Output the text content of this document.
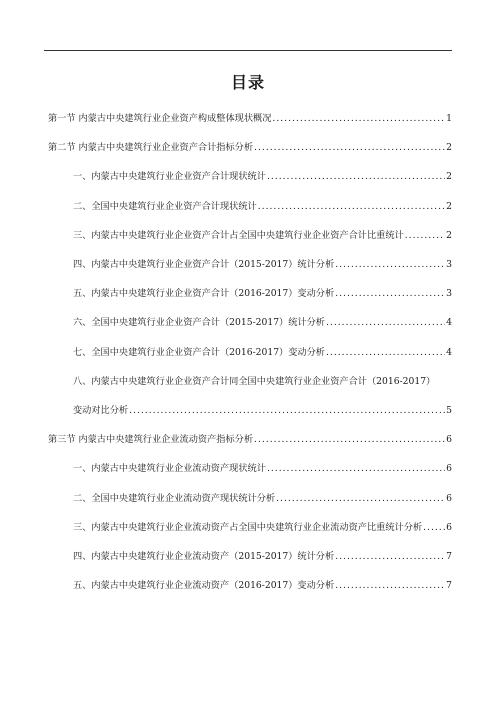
目录
第一节 内蒙古中央建筑行业企业资产构成整体现状概况 .....	1
第二节 内蒙古中央建筑行业企业资产合计指标分析 .....	2
一、内蒙古中央建筑行业企业资产合计现状统计 .....	2
二、全国中央建筑行业企业资产合计现状统计 .....	2
三、内蒙古中央建筑行业企业资产合计占全国中央建筑行业企业资产合计比重统计 .....	2
四、内蒙古中央建筑行业企业资产合计（2015-2017）统计分析 .....	3
五、内蒙古中央建筑行业企业资产合计（2016-2017）变动分析 .....	3
六、全国中央建筑行业企业资产合计（2015-2017）统计分析 .....	4
七、全国中央建筑行业企业资产合计（2016-2017）变动分析 .....	4
八、内蒙古中央建筑行业企业资产合计同全国中央建筑行业企业资产合计（2016-2017）
变动对比分析 .....	5
第三节 内蒙古中央建筑行业企业流动资产指标分析 .....	6
一、内蒙古中央建筑行业企业流动资产现状统计 .....	6
二、全国中央建筑行业企业流动资产现状统计分析 .....	6
三、内蒙古中央建筑行业企业流动资产占全国中央建筑行业企业流动资产比重统计分析 .....	6
四、内蒙古中央建筑行业企业流动资产（2015-2017）统计分析 .....	7
五、内蒙古中央建筑行业企业流动资产（2016-2017）变动分析 .....	7
